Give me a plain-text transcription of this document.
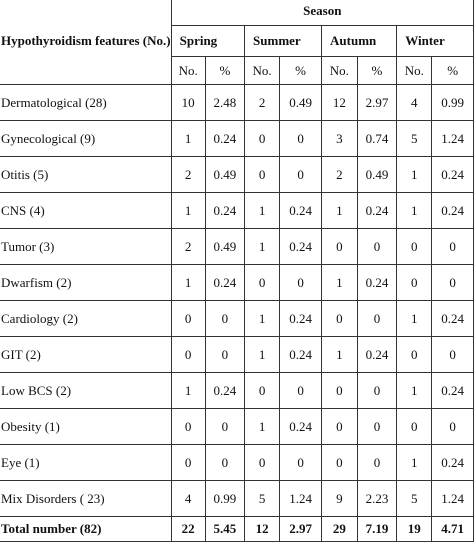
Hypothyroidism features (No.)	Season							
	Spring		Summer		Autumn		Winter	
	No.	%	No.	%	No.	%	No.	%
Dermatological (28)	10	2.48	2	0.49	12	2.97	4	0.99
Gynecological (9)	1	0.24	0	0	3	0.74	5	1.24
Otitis (5)	2	0.49	0	0	2	0.49	1	0.24
CNS (4)	1	0.24	1	0.24	1	0.24	1	0.24
Tumor (3)	2	0.49	1	0.24	0	0	0	0
Dwarfism (2)	1	0.24	0	0	1	0.24	0	0
Cardiology (2)	0	0	1	0.24	0	0	1	0.24
GIT (2)	0	0	1	0.24	1	0.24	0	0
Low BCS (2)	1	0.24	0	0	0	0	1	0.24
Obesity (1)	0	0	1	0.24	0	0	0	0
Eye (1)	0	0	0	0	0	0	1	0.24
Mix Disorders ( 23)	4	0.99	5	1.24	9	2.23	5	1.24
Total number (82)	22	5.45	12	2.97	29	7.19	19	4.71
